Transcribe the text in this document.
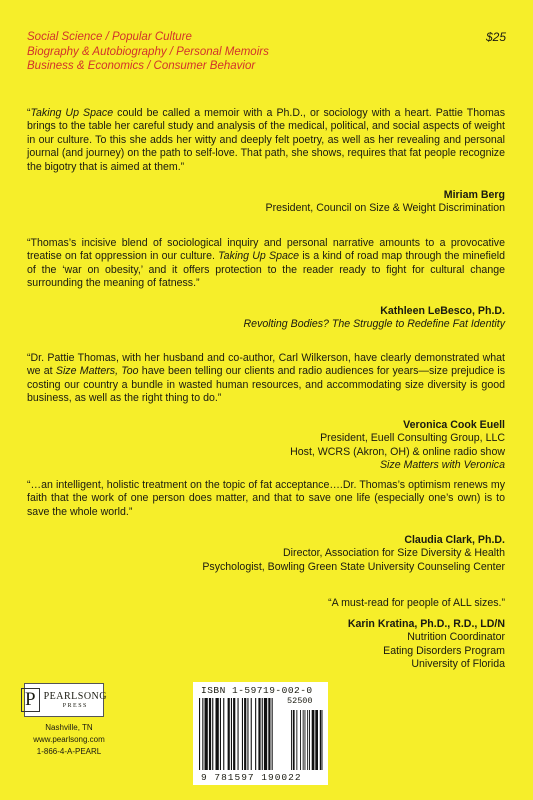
Social Science / Popular Culture
Biography & Autobiography / Personal Memoirs
Business & Economics / Consumer Behavior
$25
“Taking Up Space could be called a memoir with a Ph.D., or sociology with a heart. Pattie Thomas brings to the table her careful study and analysis of the medical, political, and social aspects of weight in our culture. To this she adds her witty and deeply felt poetry, as well as her revealing and personal journal (and journey) on the path to self-love. That path, she shows, requires that fat people recognize the bigotry that is aimed at them.”
Miriam Berg
President, Council on Size & Weight Discrimination
“Thomas’s incisive blend of sociological inquiry and personal narrative amounts to a provocative treatise on fat oppression in our culture. Taking Up Space is a kind of road map through the minefield of the ‘war on obesity,’ and it offers protection to the reader ready to fight for cultural change surrounding the meaning of fatness.”
Kathleen LeBesco, Ph.D.
Revolting Bodies? The Struggle to Redefine Fat Identity
“Dr. Pattie Thomas, with her husband and co-author, Carl Wilkerson, have clearly demonstrated what we at Size Matters, Too have been telling our clients and radio audiences for years—size prejudice is costing our country a bundle in wasted human resources, and accommodating size diversity is good business, as well as the right thing to do.”
Veronica Cook Euell
President, Euell Consulting Group, LLC
Host, WCRS (Akron, OH) & online radio show
Size Matters with Veronica
“…an intelligent, holistic treatment on the topic of fat acceptance….Dr. Thomas’s optimism renews my faith that the work of one person does matter, and that to save one life (especially one’s own) is to save the whole world.”
Claudia Clark, Ph.D.
Director, Association for Size Diversity & Health
Psychologist, Bowling Green State University Counseling Center
“A must-read for people of ALL sizes.”
Karin Kratina, Ph.D., R.D., LD/N
Nutrition Coordinator
Eating Disorders Program
University of Florida
P PEARLSONG
PRESS
Nashville, TN
www.pearlsong.com
1-866-4-A-PEARL
ISBN 1-59719-002-0
52500
9 781597 190022
